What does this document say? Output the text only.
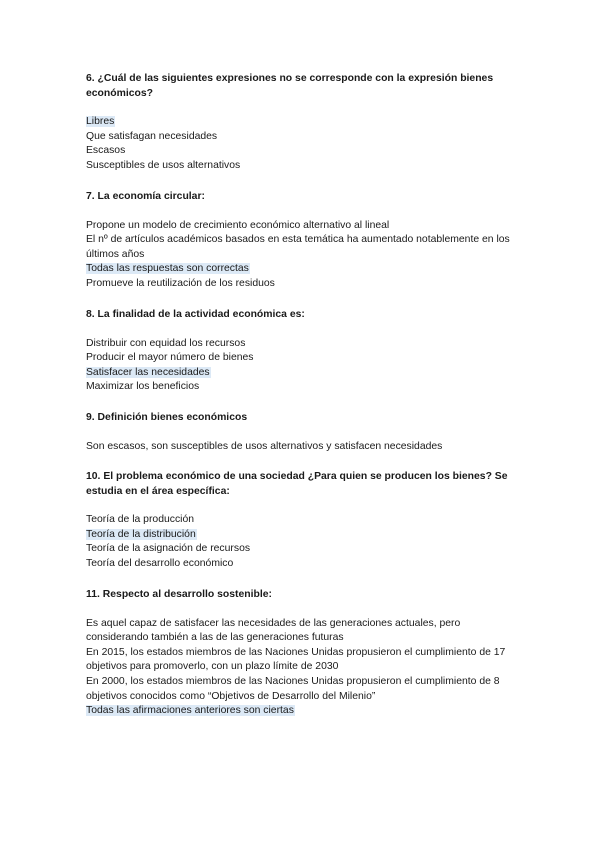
6. ¿Cuál de las siguientes expresiones no se corresponde con la expresión bienes económicos?

Libres
Que satisfagan necesidades
Escasos
Susceptibles de usos alternativos

7. La economía circular:

Propone un modelo de crecimiento económico alternativo al lineal
El nº de artículos académicos basados en esta temática ha aumentado notablemente en los últimos años
Todas las respuestas son correctas
Promueve la reutilización de los residuos

8. La finalidad de la actividad económica es:

Distribuir con equidad los recursos
Producir el mayor número de bienes
Satisfacer las necesidades
Maximizar los beneficios

9. Definición bienes económicos

Son escasos, son susceptibles de usos alternativos y satisfacen necesidades

10. El problema económico de una sociedad ¿Para quien se producen los bienes? Se estudia en el área específica:

Teoría de la producción
Teoría de la distribución
Teoría de la asignación de recursos
Teoría del desarrollo económico

11. Respecto al desarrollo sostenible:

Es aquel capaz de satisfacer las necesidades de las generaciones actuales, pero considerando también a las de las generaciones futuras
En 2015, los estados miembros de las Naciones Unidas propusieron el cumplimiento de 17 objetivos para promoverlo, con un plazo límite de 2030
En 2000, los estados miembros de las Naciones Unidas propusieron el cumplimiento de 8 objetivos conocidos como “Objetivos de Desarrollo del Milenio”
Todas las afirmaciones anteriores son ciertas
